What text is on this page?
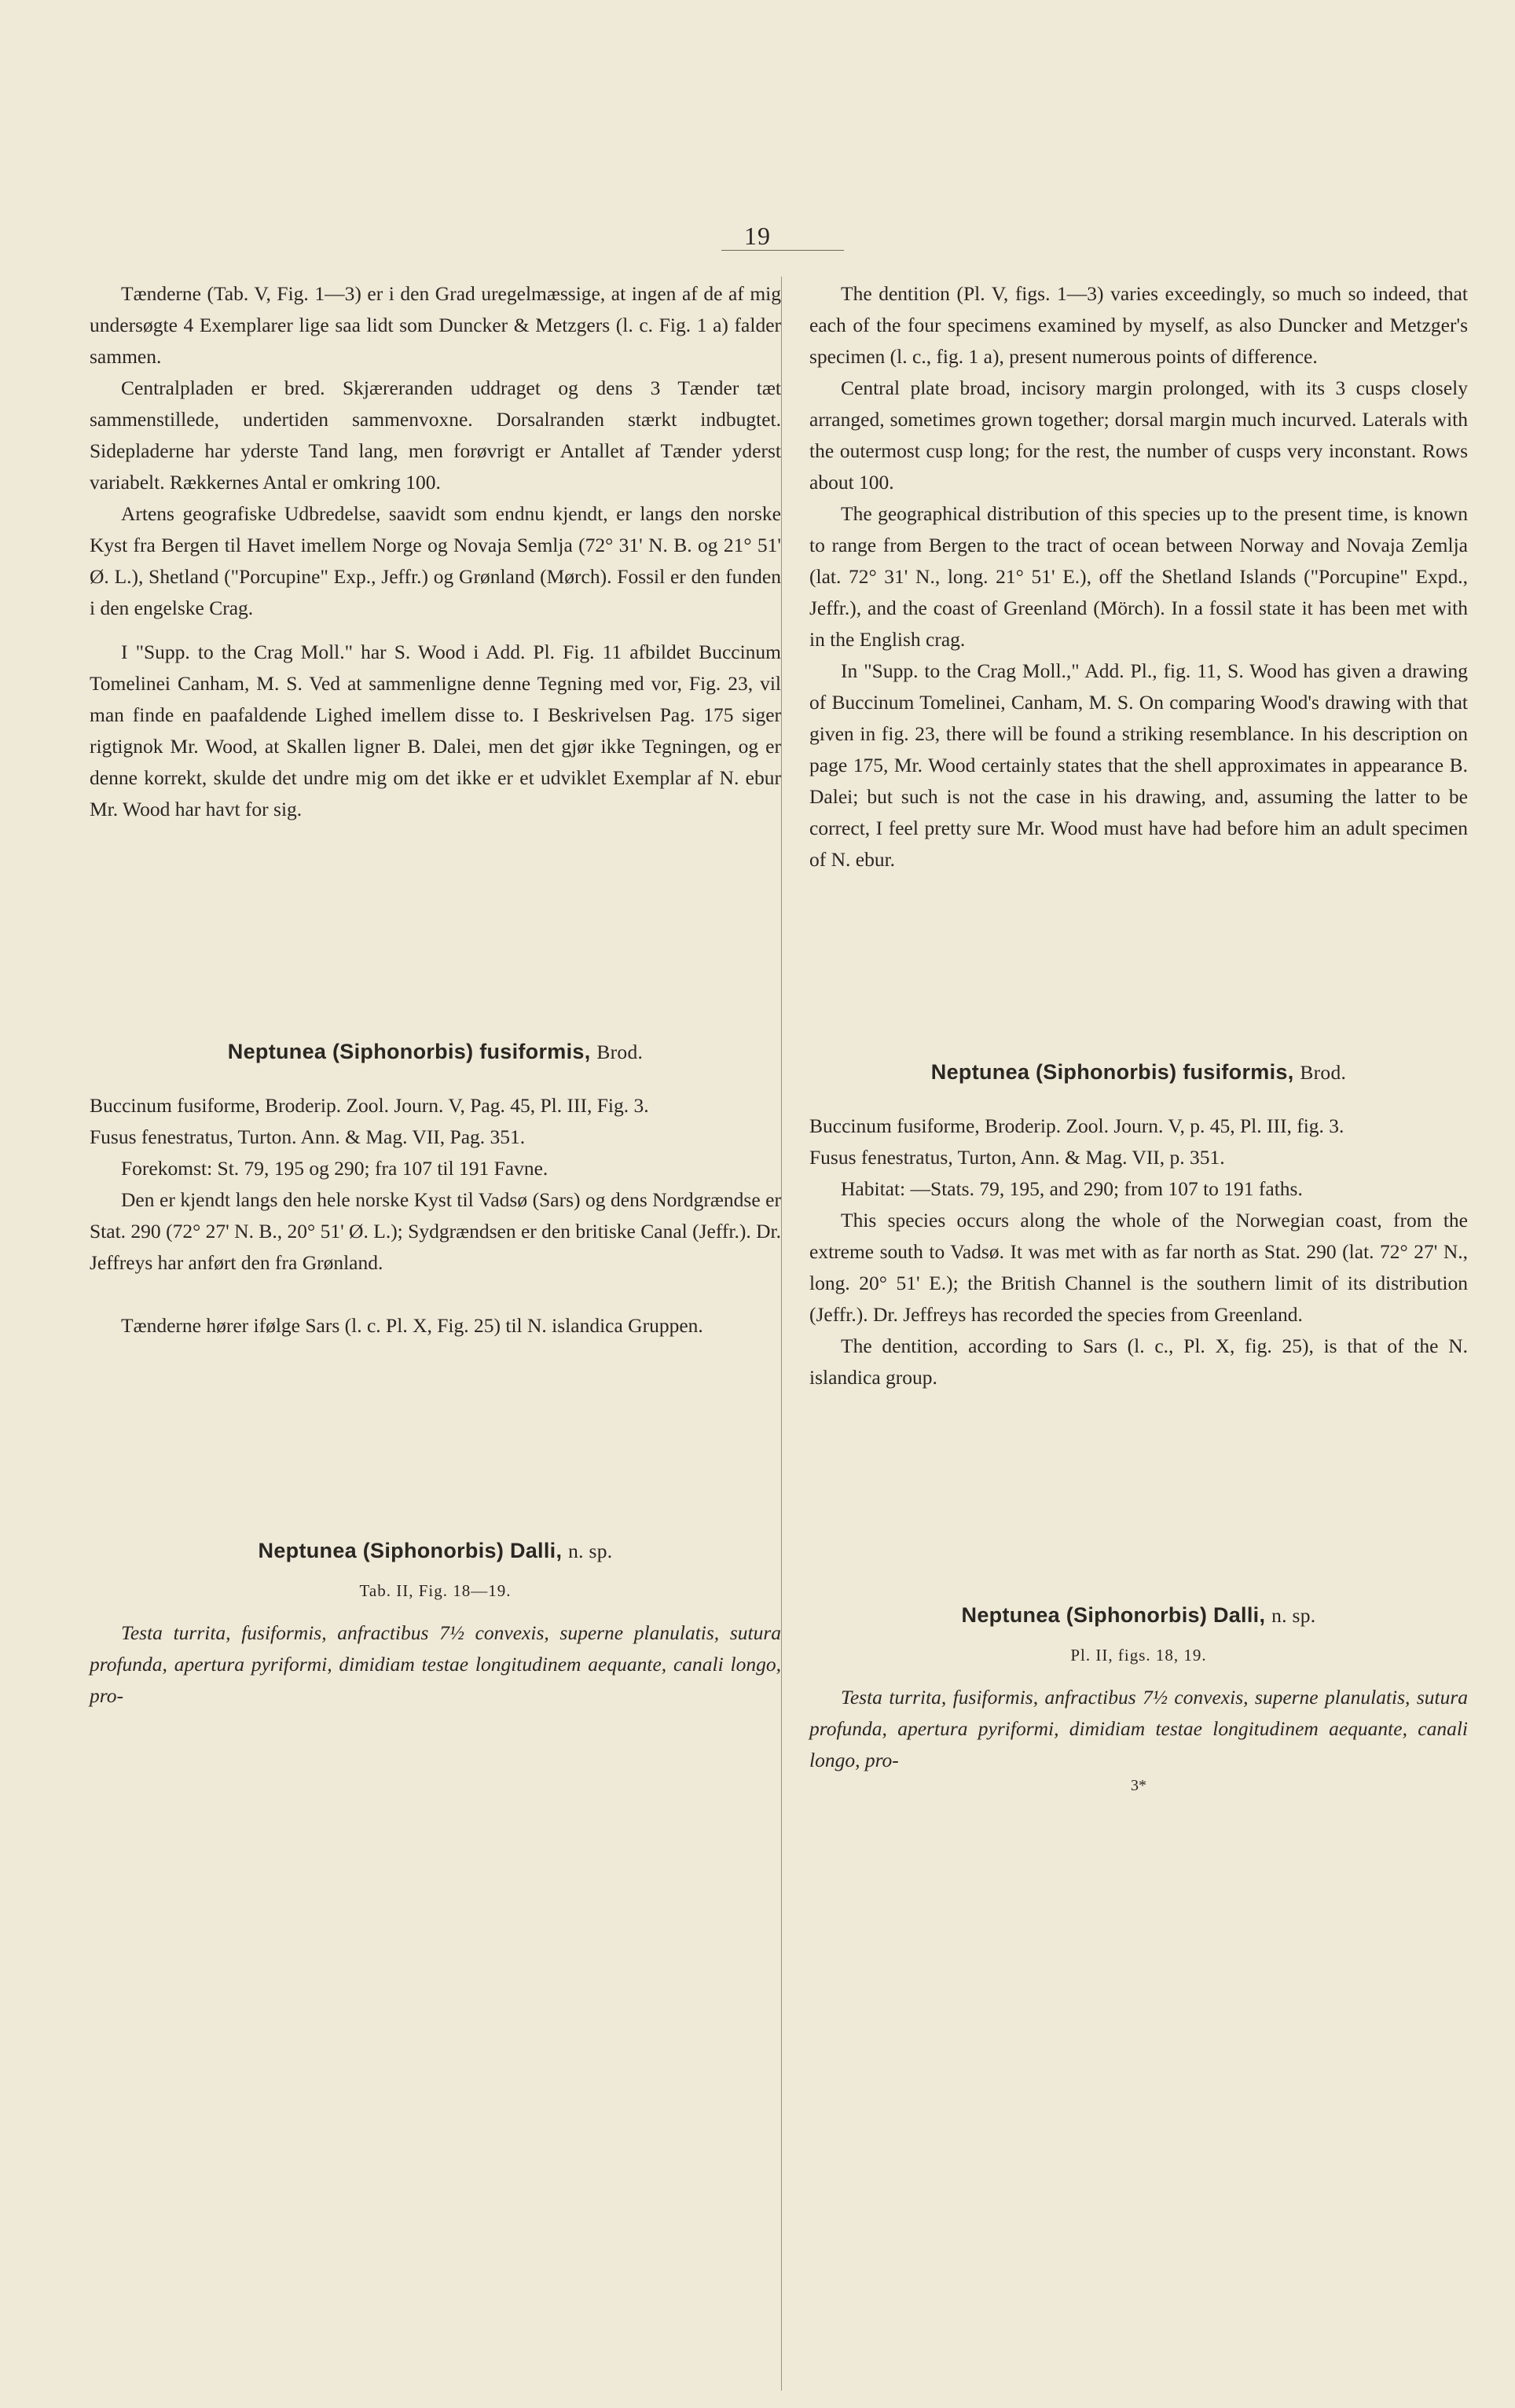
19

Tænderne (Tab. V, Fig. 1—3) er i den Grad uregelmæssige, at ingen af de af mig undersøgte 4 Exemplarer lige saa lidt som Duncker & Metzgers (l. c. Fig. 1 a) falder sammen.

Centralpladen er bred. Skjæreranden uddraget og dens 3 Tænder tæt sammenstillede, undertiden sammenvoxne. Dorsalranden stærkt indbugtet. Sidepladerne har yderste Tand lang, men forøvrigt er Antallet af Tænder yderst variabelt. Rækkernes Antal er omkring 100.

Artens geografiske Udbredelse, saavidt som endnu kjendt, er langs den norske Kyst fra Bergen til Havet imellem Norge og Novaja Semlja (72° 31' N. B. og 21° 51' Ø. L.), Shetland ("Porcupine" Exp., Jeffr.) og Grønland (Mørch). Fossil er den funden i den engelske Crag.

I "Supp. to the Crag Moll." har S. Wood i Add. Pl. Fig. 11 afbildet Buccinum Tomelinei Canham, M. S. Ved at sammenligne denne Tegning med vor, Fig. 23, vil man finde en paafaldende Lighed imellem disse to. I Beskrivelsen Pag. 175 siger rigtignok Mr. Wood, at Skallen ligner B. Dalei, men det gjør ikke Tegningen, og er denne korrekt, skulde det undre mig om det ikke er et udviklet Exemplar af N. ebur Mr. Wood har havt for sig.

Neptunea (Siphonorbis) fusiformis, Brod.

Buccinum fusiforme, Broderip. Zool. Journ. V, Pag. 45, Pl. III, Fig. 3.

Fusus fenestratus, Turton. Ann. & Mag. VII, Pag. 351.

Forekomst: St. 79, 195 og 290; fra 107 til 191 Favne.

Den er kjendt langs den hele norske Kyst til Vadsø (Sars) og dens Nordgrændse er Stat. 290 (72° 27' N. B., 20° 51' Ø. L.); Sydgrændsen er den britiske Canal (Jeffr.). Dr. Jeffreys har anført den fra Grønland.

Tænderne hører ifølge Sars (l. c. Pl. X, Fig. 25) til N. islandica Gruppen.

Neptunea (Siphonorbis) Dalli, n. sp.
Tab. II, Fig. 18—19.

Testa turrita, fusiformis, anfractibus 7½ convexis, superne planulatis, sutura profunda, apertura pyriformi, dimidiam testae longitudinem aequante, canali longo, pro-

The dentition (Pl. V, figs. 1—3) varies exceedingly, so much so indeed, that each of the four specimens examined by myself, as also Duncker and Metzger's specimen (l. c., fig. 1 a), present numerous points of difference.

Central plate broad, incisory margin prolonged, with its 3 cusps closely arranged, sometimes grown together; dorsal margin much incurved. Laterals with the outermost cusp long; for the rest, the number of cusps very inconstant. Rows about 100.

The geographical distribution of this species up to the present time, is known to range from Bergen to the tract of ocean between Norway and Novaja Zemlja (lat. 72° 31' N., long. 21° 51' E.), off the Shetland Islands ("Porcupine" Expd., Jeffr.), and the coast of Greenland (Mörch). In a fossil state it has been met with in the English crag.

In "Supp. to the Crag Moll.," Add. Pl., fig. 11, S. Wood has given a drawing of Buccinum Tomelinei, Canham, M. S. On comparing Wood's drawing with that given in fig. 23, there will be found a striking resemblance. In his description on page 175, Mr. Wood certainly states that the shell approximates in appearance B. Dalei; but such is not the case in his drawing, and, assuming the latter to be correct, I feel pretty sure Mr. Wood must have had before him an adult specimen of N. ebur.

Neptunea (Siphonorbis) fusiformis, Brod.

Buccinum fusiforme, Broderip. Zool. Journ. V, p. 45, Pl. III, fig. 3.

Fusus fenestratus, Turton, Ann. & Mag. VII, p. 351.

Habitat: —Stats. 79, 195, and 290; from 107 to 191 faths.

This species occurs along the whole of the Norwegian coast, from the extreme south to Vadsø. It was met with as far north as Stat. 290 (lat. 72° 27' N., long. 20° 51' E.); the British Channel is the southern limit of its distribution (Jeffr.). Dr. Jeffreys has recorded the species from Greenland.

The dentition, according to Sars (l. c., Pl. X, fig. 25), is that of the N. islandica group.

Neptunea (Siphonorbis) Dalli, n. sp.
Pl. II, figs. 18, 19.

Testa turrita, fusiformis, anfractibus 7½ convexis, superne planulatis, sutura profunda, apertura pyriformi, dimidiam testae longitudinem aequante, canali longo, pro-

3*
